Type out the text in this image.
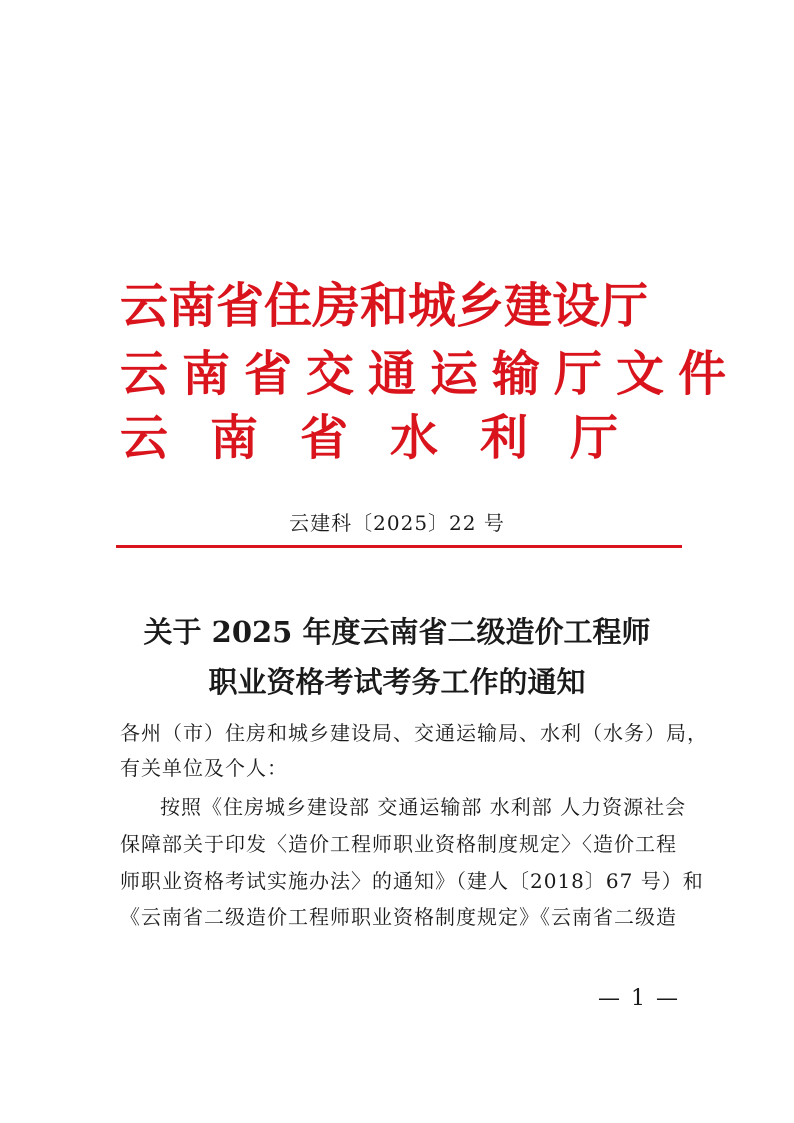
云南省住房和城乡建设厅
云南省交通运输厅文件
云南省水利厅
云建科〔2025〕22 号
关于 2025 年度云南省二级造价工程师
职业资格考试考务工作的通知
各州（市）住房和城乡建设局、交通运输局、水利（水务）局，
有关单位及个人：
按照《住房城乡建设部 交通运输部 水利部 人力资源社会
保障部关于印发〈造价工程师职业资格制度规定〉〈造价工程
师职业资格考试实施办法〉的通知》（建人〔2018〕67 号）和
《云南省二级造价工程师职业资格制度规定》《云南省二级造
— 1 —
